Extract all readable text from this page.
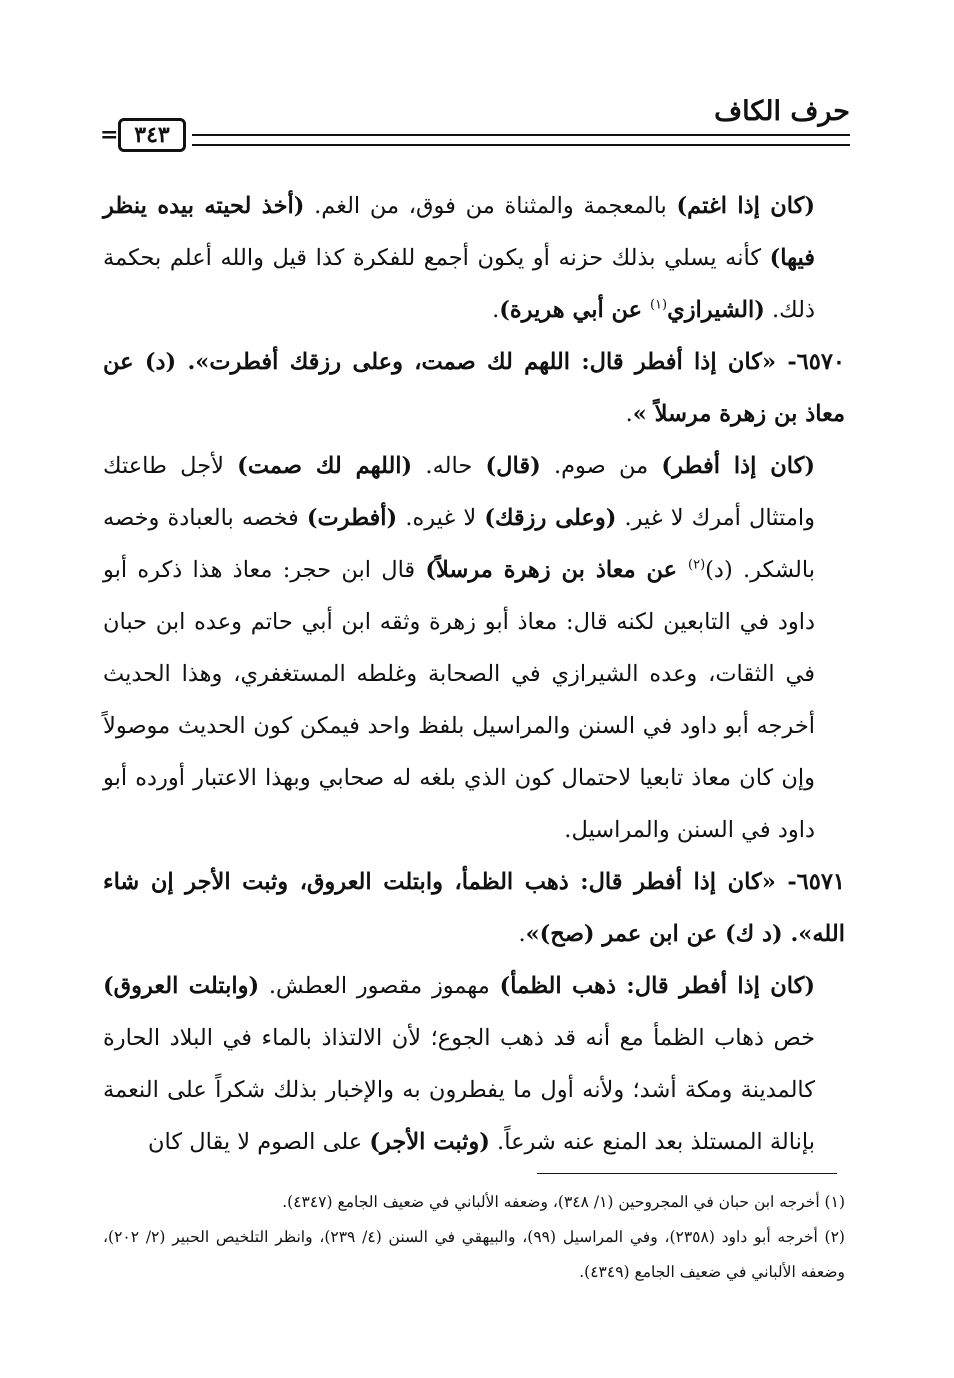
حرف الكاف
٣٤٣
=

(كان إذا اغتم) بالمعجمة والمثناة من فوق، من الغم. (أخذ لحيته بيده ينظر فيها) كأنه يسلي بذلك حزنه أو يكون أجمع للفكرة كذا قيل والله أعلم بحكمة ذلك. (الشيرازي$^{(١)}$ عن أبي هريرة).

٦٥٧٠- «كان إذا أفطر قال: اللهم لك صمت، وعلى رزقك أفطرت». (د) عن معاذ بن زهرة مرسلاً ».

(كان إذا أفطر) من صوم. (قال) حاله. (اللهم لك صمت) لأجل طاعتك وامتثال أمرك لا غير. (وعلى رزقك) لا غيره. (أفطرت) فخصه بالعبادة وخصه بالشكر. (د)$^{(٢)}$ عن معاذ بن زهرة مرسلاً) قال ابن حجر: معاذ هذا ذكره أبو داود في التابعين لكنه قال: معاذ أبو زهرة وثقه ابن أبي حاتم وعده ابن حبان في الثقات، وعده الشيرازي في الصحابة وغلطه المستغفري، وهذا الحديث أخرجه أبو داود في السنن والمراسيل بلفظ واحد فيمكن كون الحديث موصولاً وإن كان معاذ تابعيا لاحتمال كون الذي بلغه له صحابي وبهذا الاعتبار أورده أبو داود في السنن والمراسيل.

٦٥٧١- «كان إذا أفطر قال: ذهب الظمأ، وابتلت العروق، وثبت الأجر إن شاء الله». (د ك) عن ابن عمر (صح)».

(كان إذا أفطر قال: ذهب الظمأ) مهموز مقصور العطش. (وابتلت العروق) خص ذهاب الظمأ مع أنه قد ذهب الجوع؛ لأن الالتذاذ بالماء في البلاد الحارة كالمدينة ومكة أشد؛ ولأنه أول ما يفطرون به والإخبار بذلك شكراً على النعمة بإنالة المستلذ بعد المنع عنه شرعاً. (وثبت الأجر) على الصوم لا يقال كان

(١) أخرجه ابن حبان في المجروحين (١/ ٣٤٨)، وضعفه الألباني في ضعيف الجامع (٤٣٤٧).

(٢) أخرجه أبو داود (٢٣٥٨)، وفي المراسيل (٩٩)، والبيهقي في السنن (٤/ ٢٣٩)، وانظر التلخيص الحبير (٢/ ٢٠٢)، وضعفه الألباني في ضعيف الجامع (٤٣٤٩).
